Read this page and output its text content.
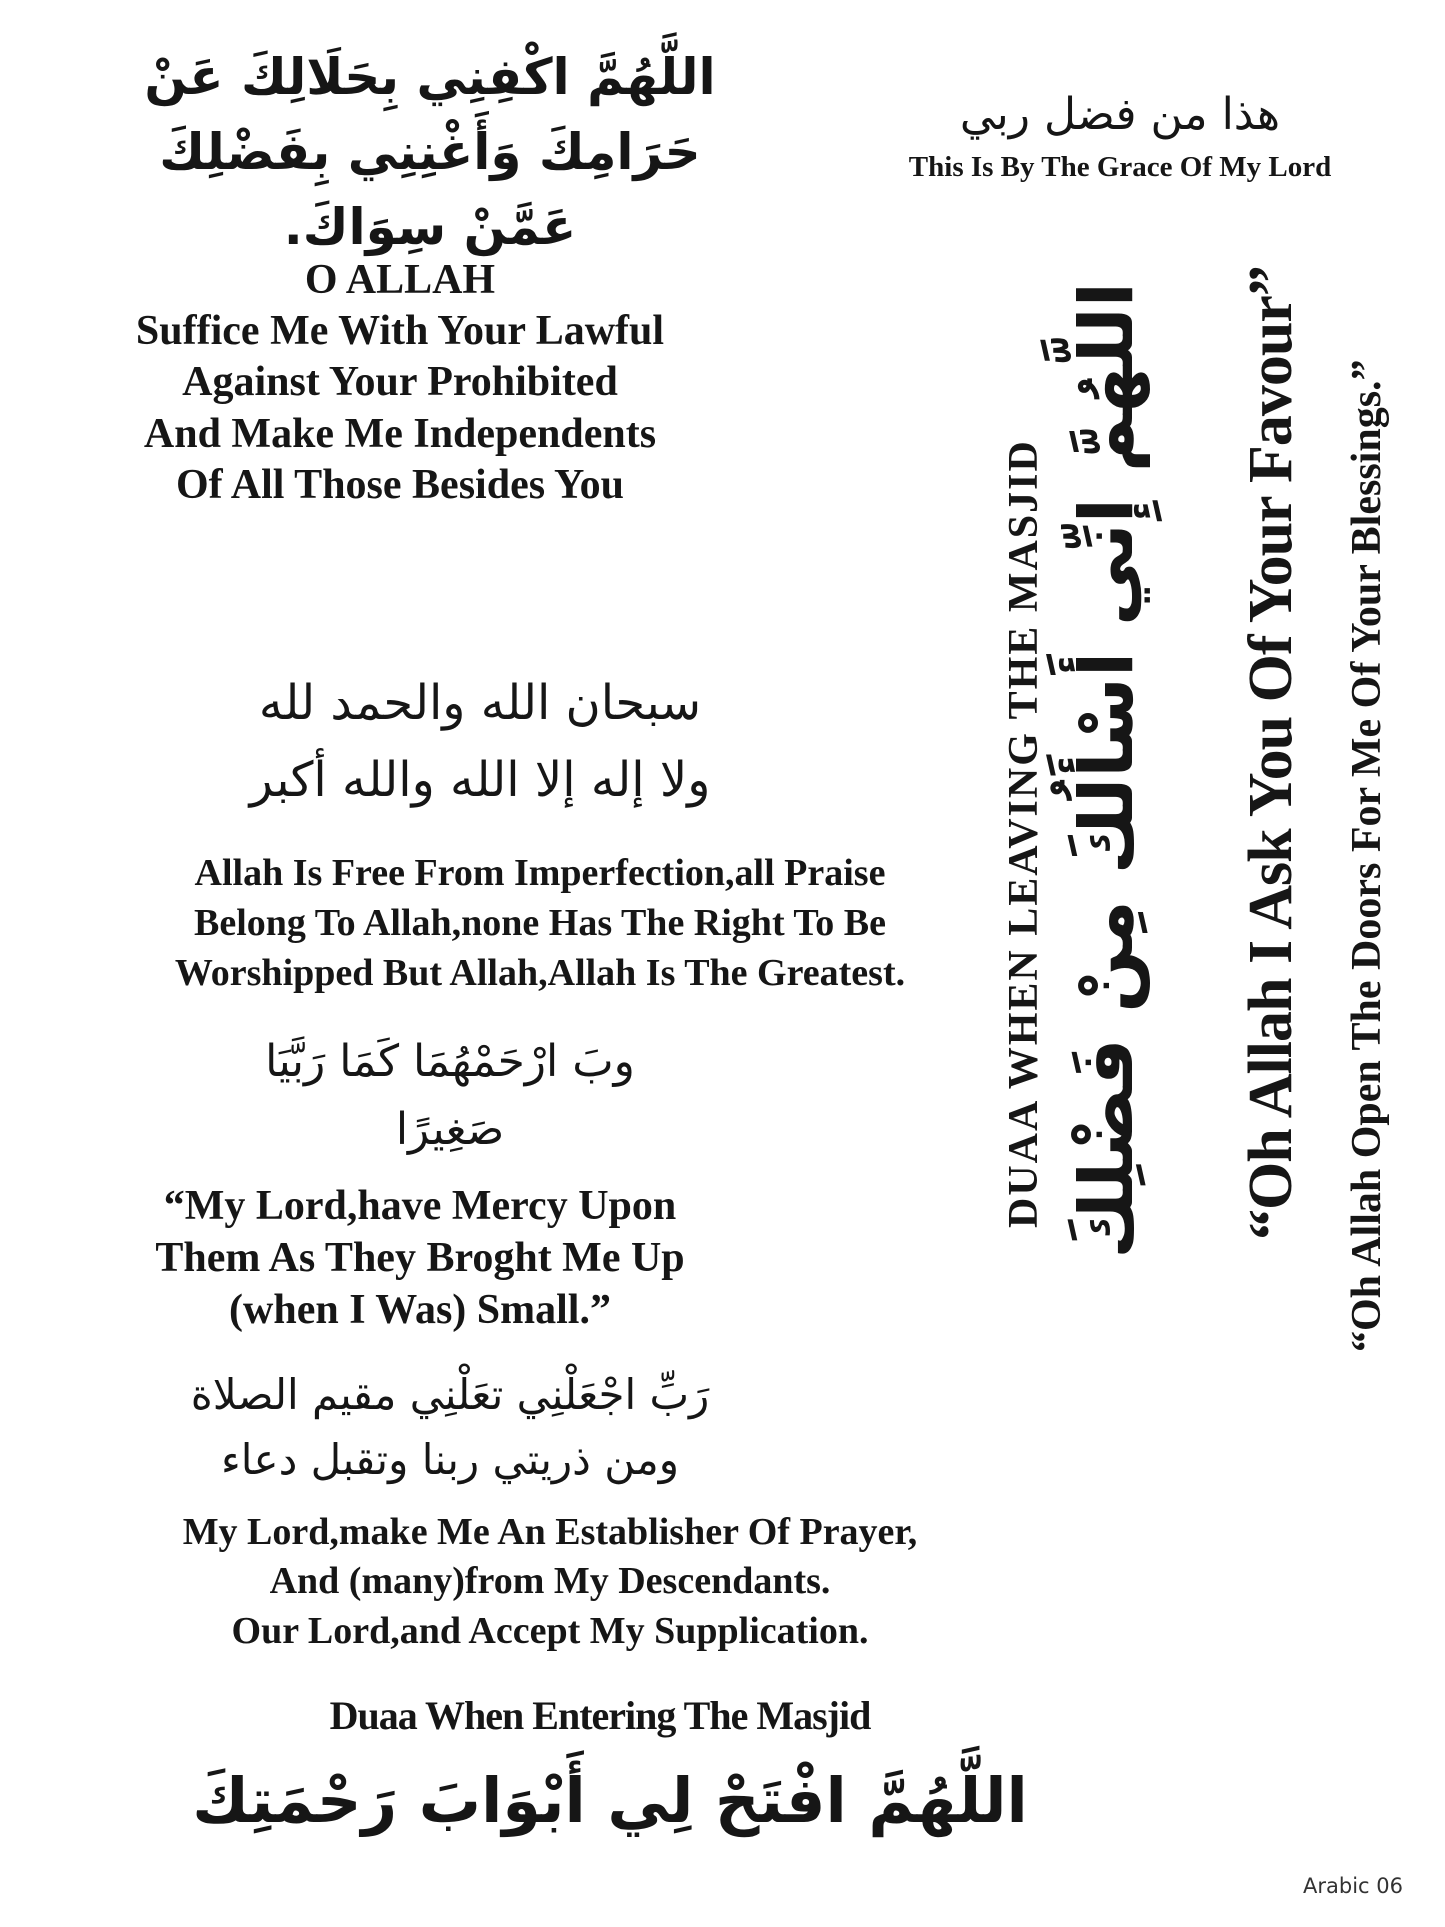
اللَّهُمَّ اكْفِنِي بِحَلَالِكَ عَنْ
حَرَامِكَ وَأَغْنِنِي بِفَضْلِكَ
عَمَّنْ سِوَاكَ.
O ALLAH
Suffice Me With Your Lawful
Against Your Prohibited
And Make Me Independents
Of All Those Besides You
هذا من فضل ربي
This Is By The Grace Of My Lord
سبحان الله والحمد لله
ولا إله إلا الله والله أكبر
Allah Is Free From Imperfection,all Praise
Belong To Allah,none Has The Right To Be
Worshipped But Allah,Allah Is The Greatest.
وبَ ارْحَمْهُمَا كَمَا رَبَّيَا
صَغِيرًا
“My Lord,have Mercy Upon
Them As They Broght Me Up
(when I Was) Small.”
رَبِّ اجْعَلْنِي تعَلْنِي مقيم الصلاة
ومن ذريتي ربنا وتقبل دعاء
My Lord,make Me An Establisher Of Prayer,
And (many)from My Descendants.
Our Lord,and Accept My Supplication.
Duaa When Entering The Masjid
اللَّهُمَّ افْتَحْ لِي أَبْوَابَ رَحْمَتِكَ
DUAA WHEN LEAVING THE MASJID اللَّهُمَّ إِنِّي أَسْأَلُكَ مِنْ فَضْلِكَ “Oh Allah I Ask You Of Your Favour” “Oh Allah Open The Doors For Me Of Your Blessings.”
Arabic 06
